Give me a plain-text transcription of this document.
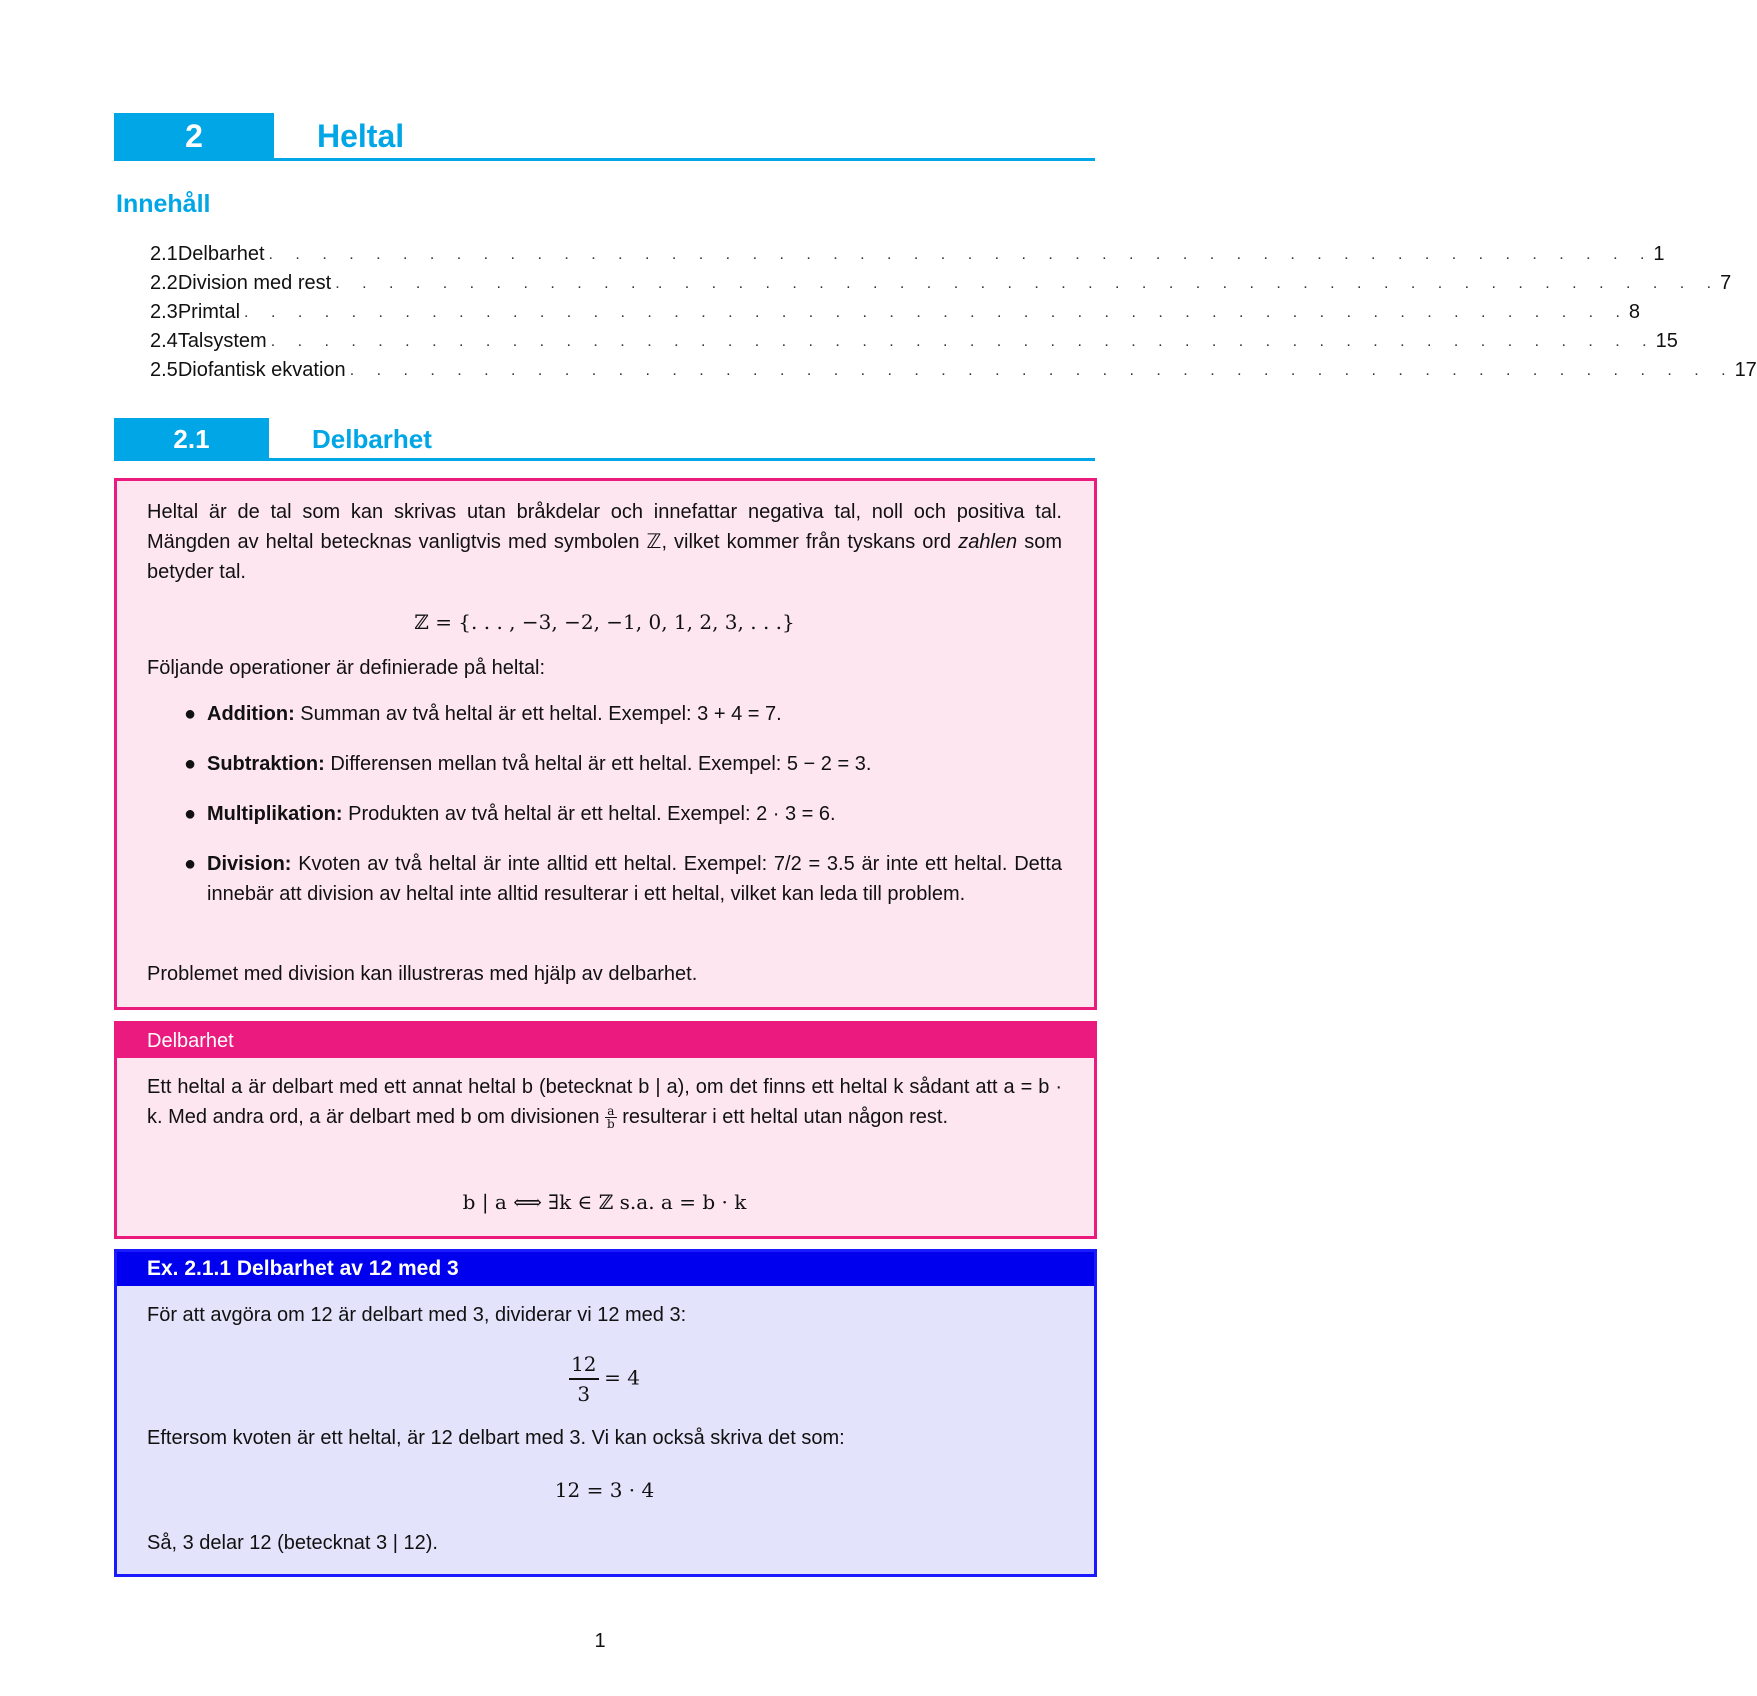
2	Heltal
Innehåll
2.1 Delbarhet . . . . . . . . . . . . . . . . . . . . . . . . . . . . . . . . . . . . . . . . . . . . . . . . . . . . 1
2.2 Division med rest . . . . . . . . . . . . . . . . . . . . . . . . . . . . . . . . . . . . . . . . . . . . . . . . . . . . 7
2.3 Primtal . . . . . . . . . . . . . . . . . . . . . . . . . . . . . . . . . . . . . . . . . . . . . . . . . . . . 8
2.4 Talsystem . . . . . . . . . . . . . . . . . . . . . . . . . . . . . . . . . . . . . . . . . . . . . . . . . . . . 15
2.5 Diofantisk ekvation . . . . . . . . . . . . . . . . . . . . . . . . . . . . . . . . . . . . . . . . . . . . . . . . . . . . 17
2.1	Delbarhet
Heltal är de tal som kan skrivas utan bråkdelar och innefattar negativa tal, noll och positiva tal. Mängden av heltal betecknas vanligtvis med symbolen ℤ, vilket kommer från tyskans ord zahlen som betyder tal.
ℤ = {. . . , −3, −2, −1, 0, 1, 2, 3, . . .}
Följande operationer är definierade på heltal:
● Addition: Summan av två heltal är ett heltal. Exempel: 3 + 4 = 7.
● Subtraktion: Differensen mellan två heltal är ett heltal. Exempel: 5 − 2 = 3.
● Multiplikation: Produkten av två heltal är ett heltal. Exempel: 2 · 3 = 6.
● Division: Kvoten av två heltal är inte alltid ett heltal. Exempel: 7/2 = 3.5 är inte ett heltal. Detta innebär att division av heltal inte alltid resulterar i ett heltal, vilket kan leda till problem.
Problemet med division kan illustreras med hjälp av delbarhet.
Delbarhet
Ett heltal a är delbart med ett annat heltal b (betecknat b | a), om det finns ett heltal k sådant att a = b · k. Med andra ord, a är delbart med b om divisionen $\frac{a}{b}$ resulterar i ett heltal utan någon rest.
b | a ⟺ ∃k ∈ ℤ s.a. a = b · k
Ex. 2.1.1 Delbarhet av 12 med 3
För att avgöra om 12 är delbart med 3, dividerar vi 12 med 3:
$\frac{12}{3} = 4$
Eftersom kvoten är ett heltal, är 12 delbart med 3. Vi kan också skriva det som:
12 = 3 · 4
Så, 3 delar 12 (betecknat 3 | 12).
1
